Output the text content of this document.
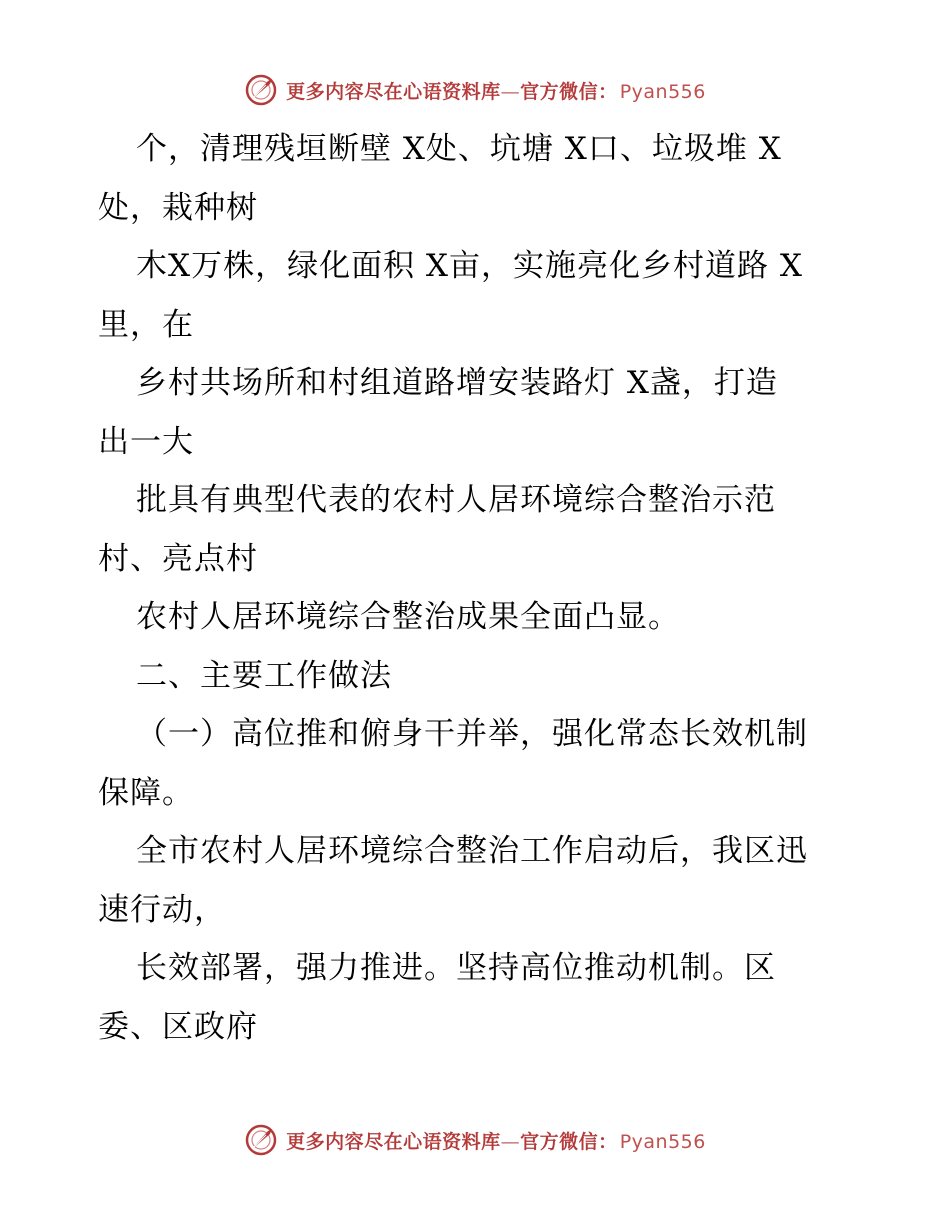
更多内容尽在心语资料库—官方微信： Pyan556
个，清理残垣断壁 X处、坑塘 X口、垃圾堆 X
处，栽种树
木X万株，绿化面积 X亩，实施亮化乡村道路 X
里，在
乡村共场所和村组道路增安装路灯 X盏，打造
出一大
批具有典型代表的农村人居环境综合整治示范
村、亮点村
农村人居环境综合整治成果全面凸显。
二、主要工作做法
（一）高位推和俯身干并举，强化常态长效机制
保障。
全市农村人居环境综合整治工作启动后，我区迅
速行动，
长效部署，强力推进。坚持高位推动机制。区
委、区政府
更多内容尽在心语资料库—官方微信： Pyan556
